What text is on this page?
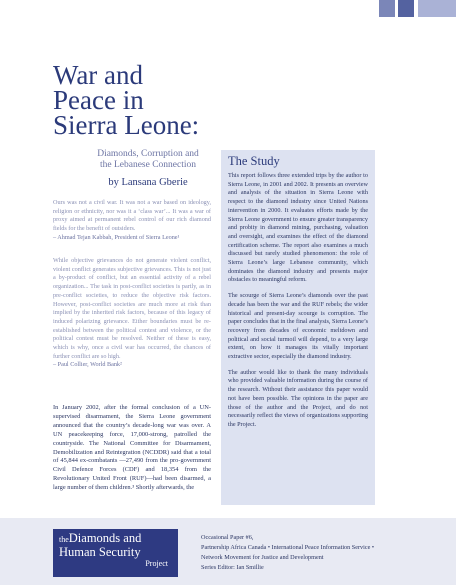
War and
Peace in
Sierra Leone:
Diamonds, Corruption and
the Lebanese Connection
by Lansana Gberie

Ours was not a civil war. It was not a war based on ideology, religion or ethnicity, nor was it a ‘class war’... It was a war of proxy aimed at permanent rebel control of our rich diamond fields for the benefit of outsiders.

– Ahmad Tejan Kabbah, President of Sierra Leone¹

While objective grievances do not generate violent conflict, violent conflict generates subjective grievances. This is not just a by-product of conflict, but an essential activity of a rebel organization... The task in post-conflict societies is partly, as in pre-conflict societies, to reduce the objective risk factors. However, post-conflict societies are much more at risk than implied by the inherited risk factors, because of this legacy of induced polarizing grievance. Either boundaries must be re-established between the political contest and violence, or the political contest must be resolved. Neither of these is easy, which is why, once a civil war has occurred, the chances of further conflict are so high.

– Paul Collier, World Bank²

In January 2002, after the formal conclusion of a UN-supervised disarmament, the Sierra Leone government announced that the country’s decade-long war was over. A UN peacekeeping force, 17,000-strong, patrolled the countryside. The National Committee for Disarmament, Demobilization and Reintegration (NCDDR) said that a total of 45,844 ex-combatants —27,490 from the pro-government Civil Defence Forces (CDF) and 18,354 from the Revolutionary United Front (RUF)—had been disarmed, a large number of them children.³ Shortly afterwards, the

The Study

This report follows three extended trips by the author to Sierra Leone, in 2001 and 2002. It presents an overview and analysis of the situation in Sierra Leone with respect to the diamond industry since United Nations intervention in 2000. It evaluates efforts made by the Sierra Leone government to ensure greater transparency and probity in diamond mining, purchasing, valuation and oversight, and examines the effect of the diamond certification scheme. The report also examines a much discussed but rarely studied phenomenon: the role of Sierra Leone’s large Lebanese community, which dominates the diamond industry and presents major obstacles to meaningful reform.

The scourge of Sierra Leone’s diamonds over the past decade has been the war and the RUF rebels; the wider historical and present-day scourge is corruption. The paper concludes that in the final analysis, Sierra Leone’s recovery from decades of economic meltdown and political and social turmoil will depend, to a very large extent, on how it manages its vitally important extractive sector, especially the diamond industry.

The author would like to thank the many individuals who provided valuable information during the course of the research. Without their assistance this paper would not have been possible. The opinions in the paper are those of the author and the Project, and do not necessarily reflect the views of organizations supporting the Project.

theDiamonds and
Human Security
Project
Occasional Paper #6,
Partnership Africa Canada • International Peace Information Service •
Network Movement for Justice and Development
Series Editor: Ian Smillie
